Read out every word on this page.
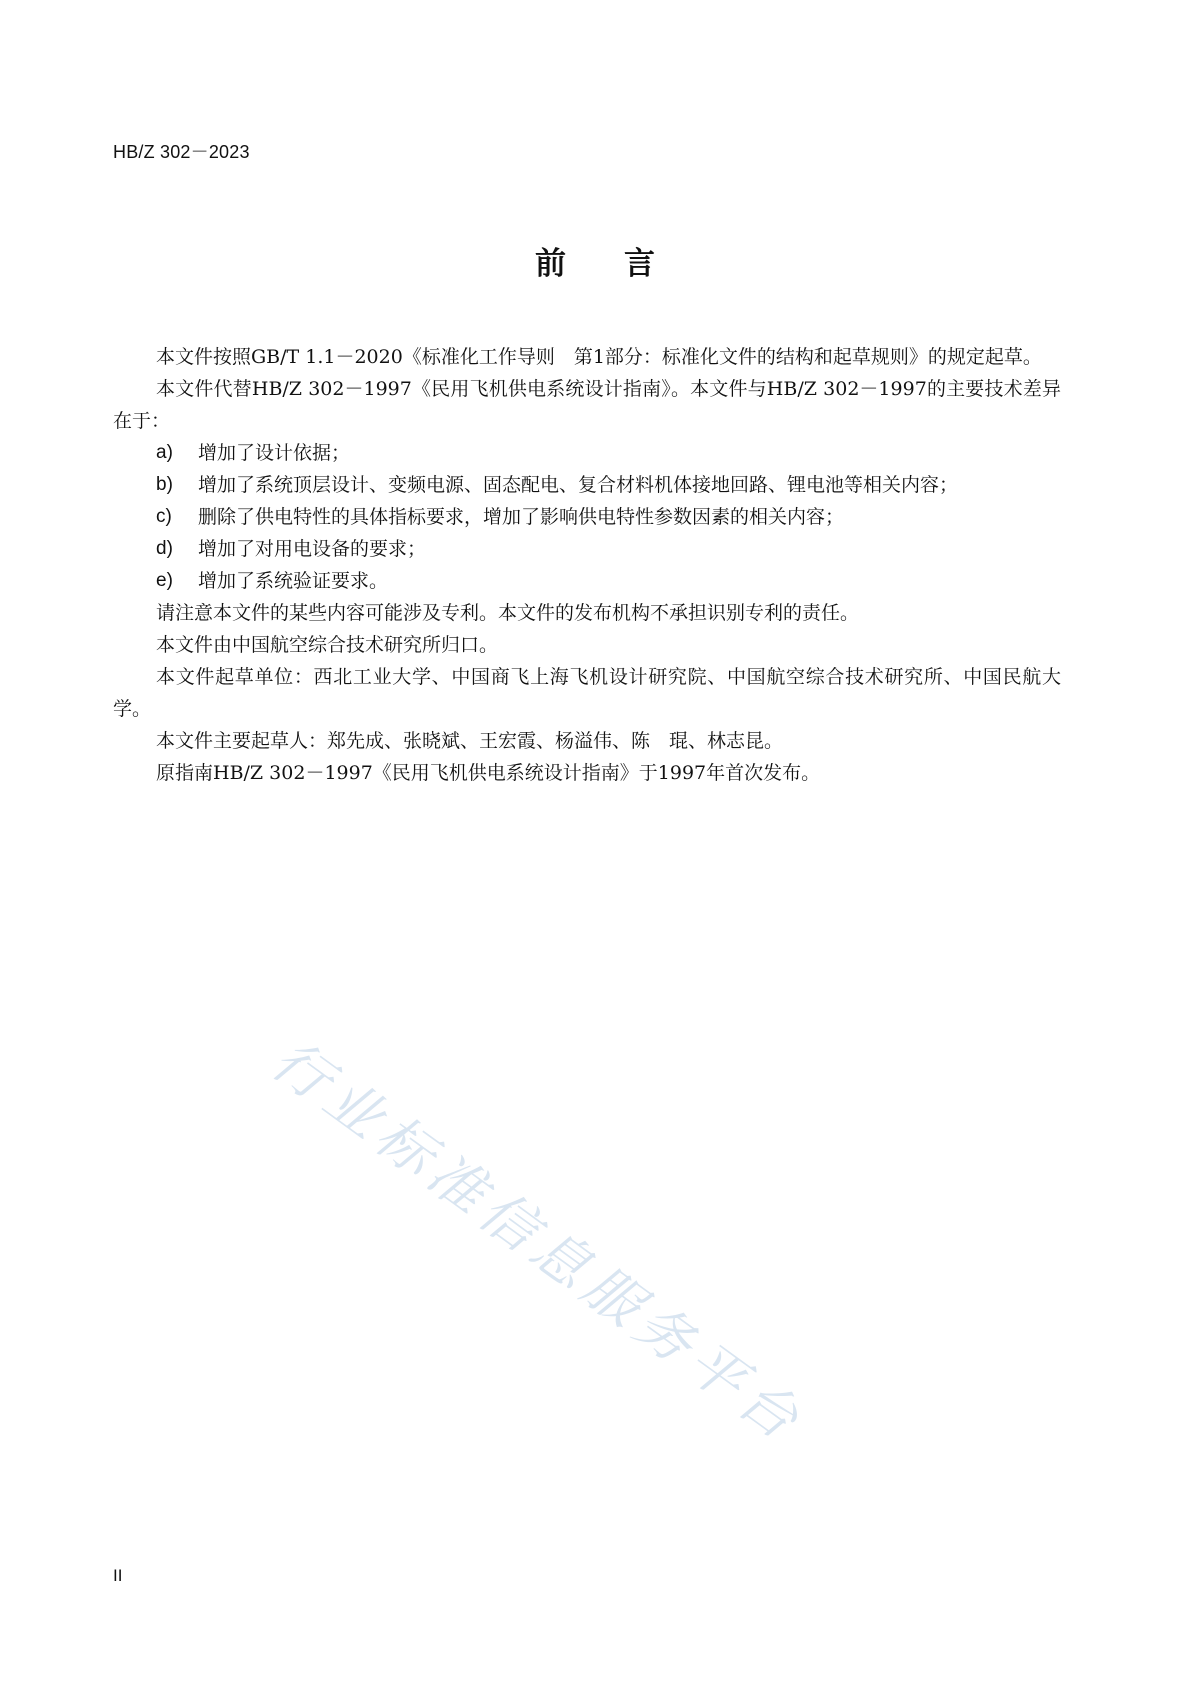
HB/Z 302－2023
前言

本文件按照GB/T 1.1－2020《标准化工作导则　第1部分：标准化文件的结构和起草规则》的规定起草。

本文件代替HB/Z 302－1997《民用飞机供电系统设计指南》。本文件与HB/Z 302－1997的主要技术差异在于：

a) 增加了设计依据；

b) 增加了系统顶层设计、变频电源、固态配电、复合材料机体接地回路、锂电池等相关内容；

c) 删除了供电特性的具体指标要求，增加了影响供电特性参数因素的相关内容；

d) 增加了对用电设备的要求；

e) 增加了系统验证要求。

请注意本文件的某些内容可能涉及专利。本文件的发布机构不承担识别专利的责任。

本文件由中国航空综合技术研究所归口。

本文件起草单位：西北工业大学、中国商飞上海飞机设计研究院、中国航空综合技术研究所、中国民航大学。

本文件主要起草人：郑先成、张晓斌、王宏霞、杨溢伟、陈　琨、林志昆。

原指南HB/Z 302－1997《民用飞机供电系统设计指南》于1997年首次发布。

行业标准信息服务平台
II
